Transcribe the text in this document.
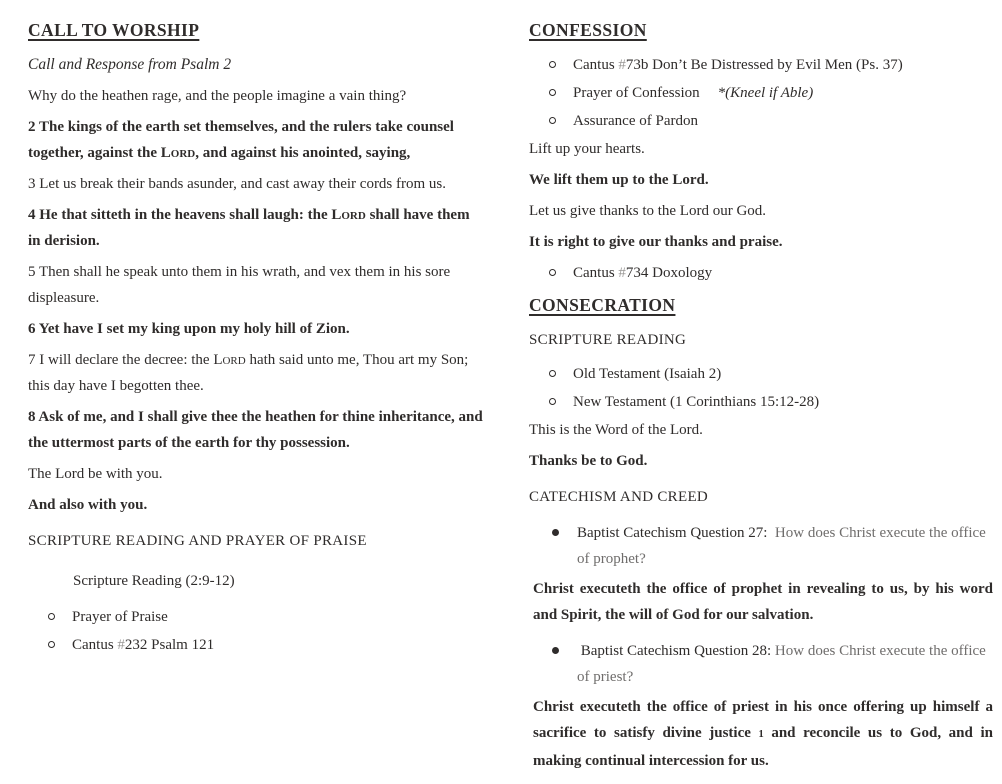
CALL TO WORSHIP

Call and Response from Psalm 2

Why do the heathen rage, and the people imagine a vain thing?

2 The kings of the earth set themselves, and the rulers take counsel together, against the Lord, and against his anointed, saying,

3 Let us break their bands asunder, and cast away their cords from us.

4 He that sitteth in the heavens shall laugh: the Lord shall have them in derision.

5 Then shall he speak unto them in his wrath, and vex them in his sore displeasure.

6 Yet have I set my king upon my holy hill of Zion.

7 I will declare the decree: the Lord hath said unto me, Thou art my Son; this day have I begotten thee.

8 Ask of me, and I shall give thee the heathen for thine inheritance, and the uttermost parts of the earth for thy possession.

The Lord be with you.

And also with you.

SCRIPTURE READING AND PRAYER OF PRAISE

Scripture Reading (2:9-12)

Prayer of Praise
Cantus #232 Psalm 121
CONFESSION
Cantus #73b Don’t Be Distressed by Evil Men (Ps. 37)
Prayer of Confession *(Kneel if Able)
Assurance of Pardon

Lift up your hearts.

We lift them up to the Lord.

Let us give thanks to the Lord our God.

It is right to give our thanks and praise.

Cantus #734 Doxology
CONSECRATION

SCRIPTURE READING

Old Testament (Isaiah 2)
New Testament (1 Corinthians 15:12-28)

This is the Word of the Lord.

Thanks be to God.

CATECHISM AND CREED

Baptist Catechism Question 27:  How does Christ execute the office of prophet?

Christ executeth the office of prophet in revealing to us, by his word and Spirit, the will of God for our salvation.

Baptist Catechism Question 28: How does Christ execute the office of priest?

Christ executeth the office of priest in his once offering up himself a sacrifice to satisfy divine justice 1 and reconcile us to God, and in making continual intercession for us.
